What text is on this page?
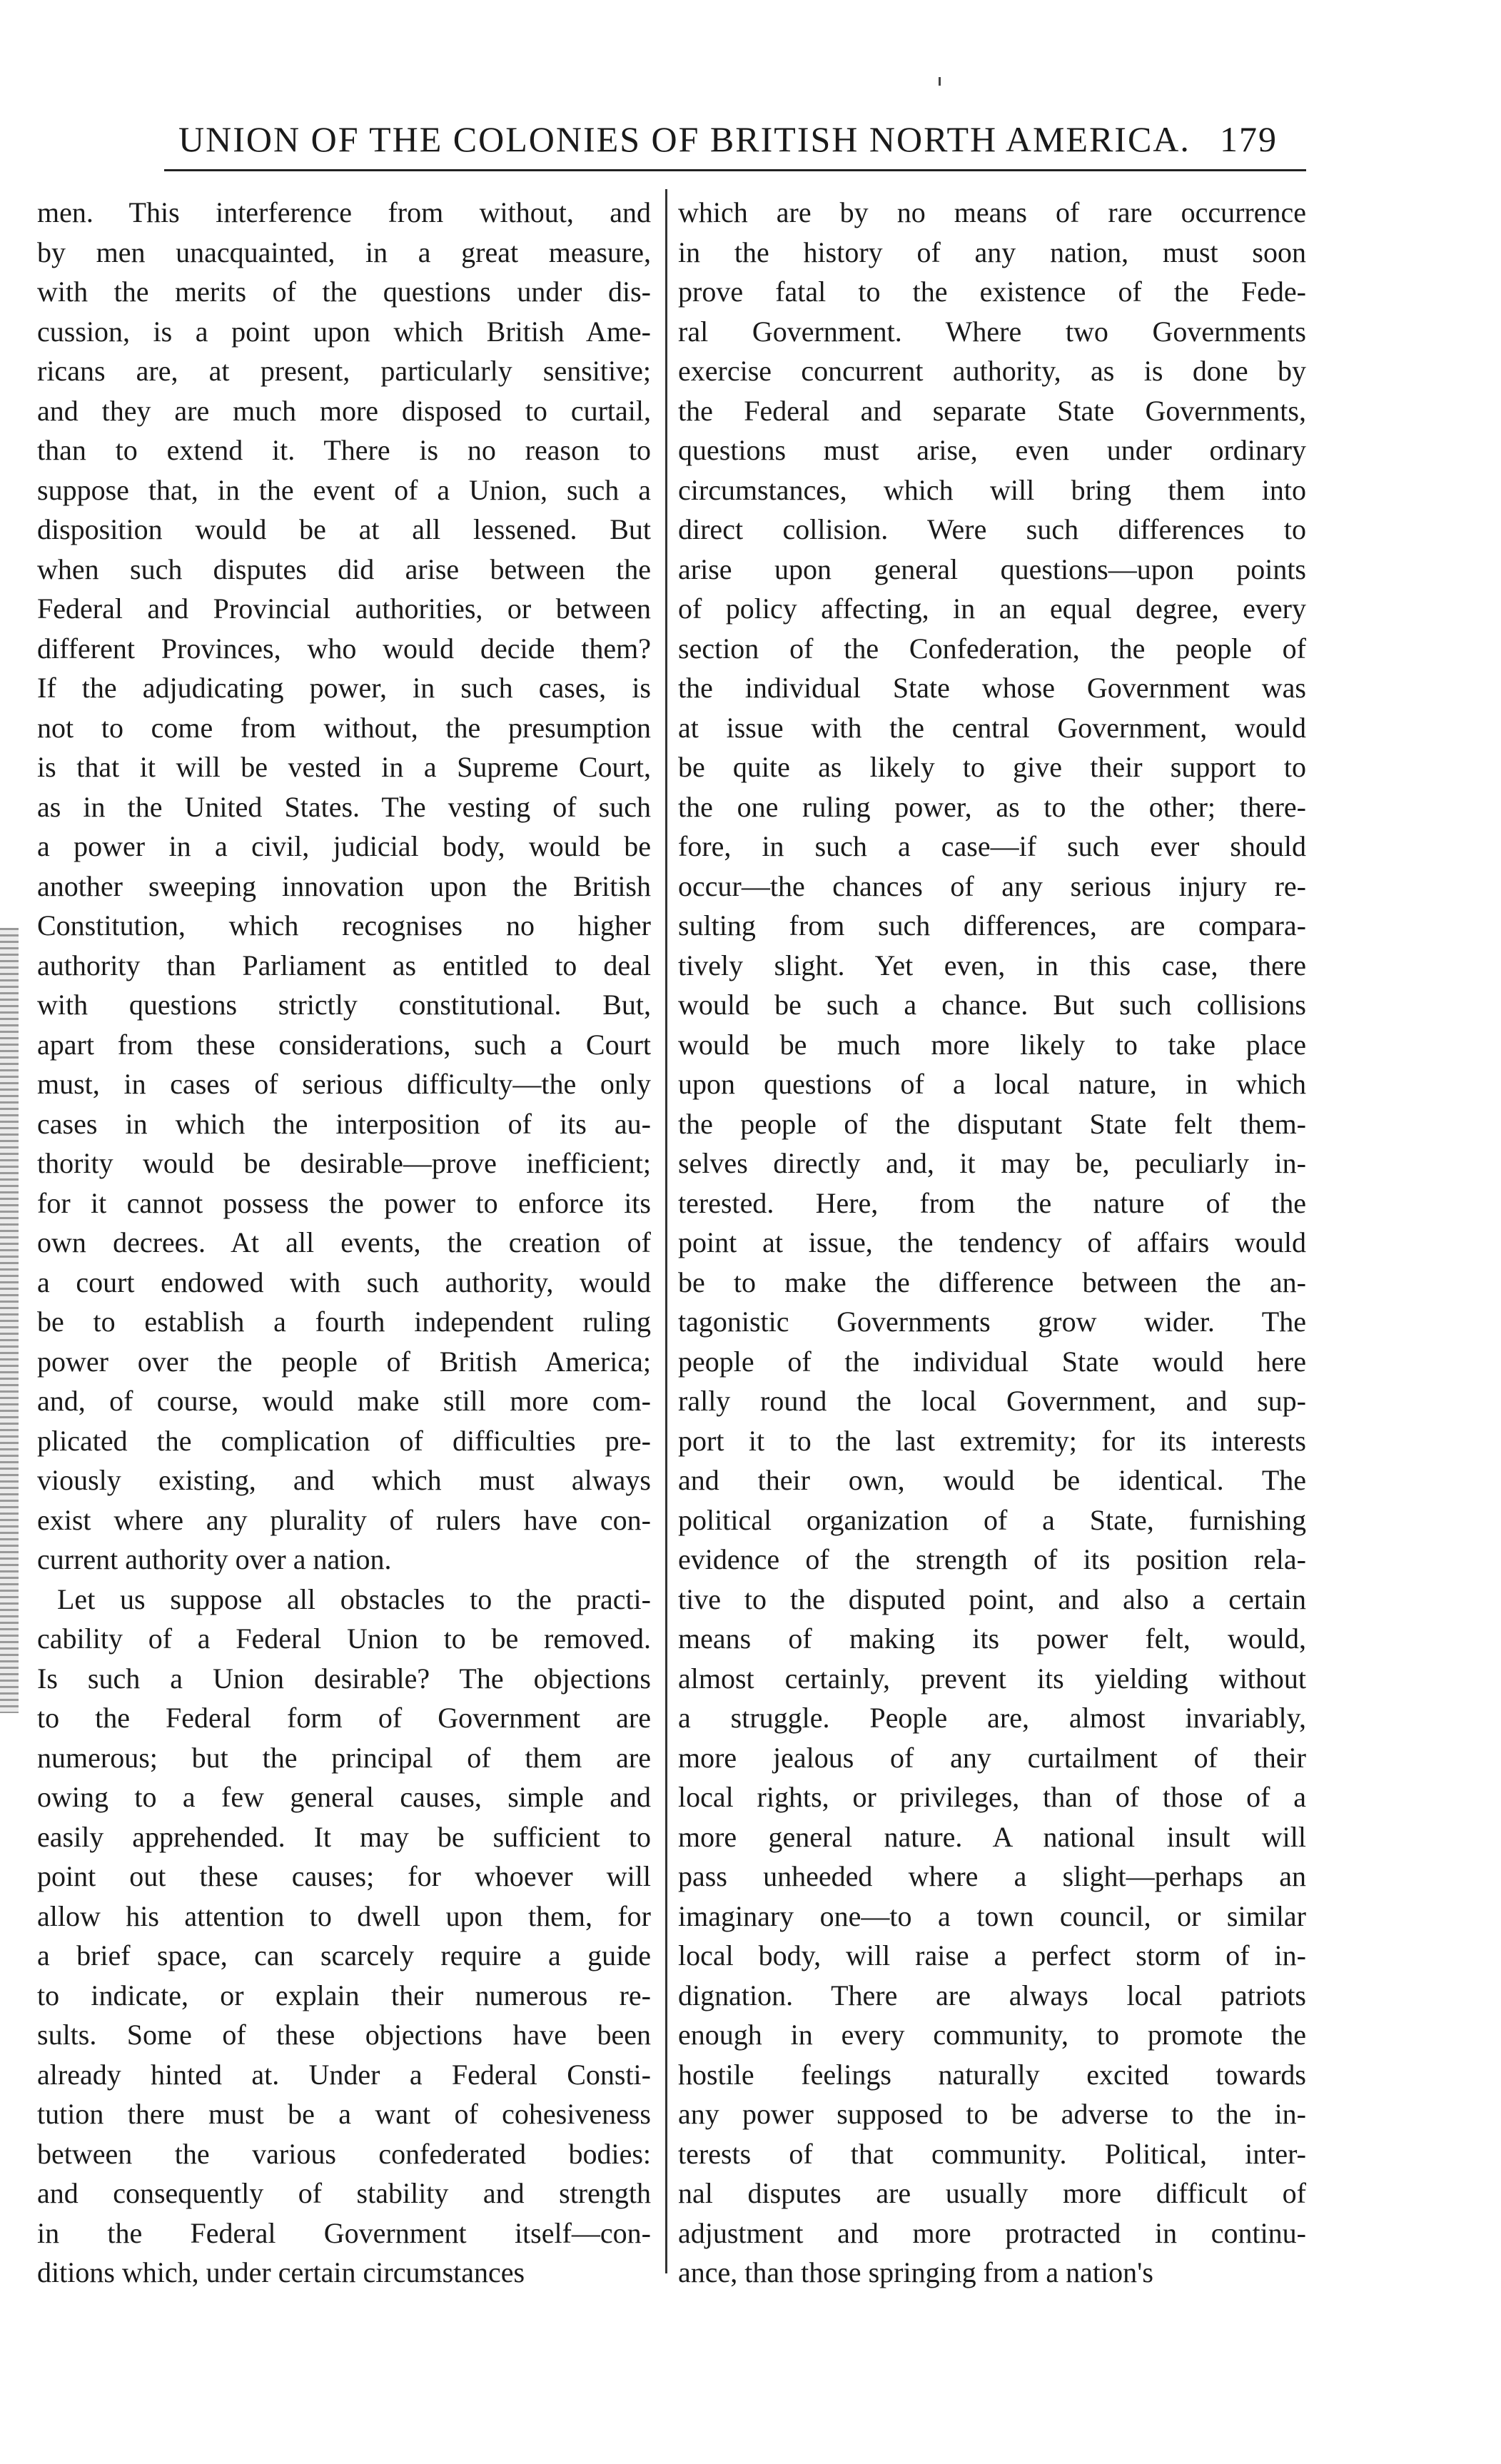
UNION OF THE COLONIES OF BRITISH NORTH AMERICA. 179
men. This interference from without, and
by men unacquainted, in a great measure,
with the merits of the questions under dis-
cussion, is a point upon which British Ame-
ricans are, at present, particularly sensitive;
and they are much more disposed to curtail,
than to extend it. There is no reason to
suppose that, in the event of a Union, such a
disposition would be at all lessened. But
when such disputes did arise between the
Federal and Provincial authorities, or between
different Provinces, who would decide them?
If the adjudicating power, in such cases, is
not to come from without, the presumption
is that it will be vested in a Supreme Court,
as in the United States. The vesting of such
a power in a civil, judicial body, would be
another sweeping innovation upon the British
Constitution, which recognises no higher
authority than Parliament as entitled to deal
with questions strictly constitutional. But,
apart from these considerations, such a Court
must, in cases of serious difficulty—the only
cases in which the interposition of its au-
thority would be desirable—prove inefficient;
for it cannot possess the power to enforce its
own decrees. At all events, the creation of
a court endowed with such authority, would
be to establish a fourth independent ruling
power over the people of British America;
and, of course, would make still more com-
plicated the complication of difficulties pre-
viously existing, and which must always
exist where any plurality of rulers have con-
current authority over a nation.
Let us suppose all obstacles to the practi-
cability of a Federal Union to be removed.
Is such a Union desirable? The objections
to the Federal form of Government are
numerous; but the principal of them are
owing to a few general causes, simple and
easily apprehended. It may be sufficient to
point out these causes; for whoever will
allow his attention to dwell upon them, for
a brief space, can scarcely require a guide
to indicate, or explain their numerous re-
sults. Some of these objections have been
already hinted at. Under a Federal Consti-
tution there must be a want of cohesiveness
between the various confederated bodies:
and consequently of stability and strength
in the Federal Government itself—con-
ditions which, under certain circumstances
which are by no means of rare occurrence
in the history of any nation, must soon
prove fatal to the existence of the Fede-
ral Government. Where two Governments
exercise concurrent authority, as is done by
the Federal and separate State Governments,
questions must arise, even under ordinary
circumstances, which will bring them into
direct collision. Were such differences to
arise upon general questions—upon points
of policy affecting, in an equal degree, every
section of the Confederation, the people of
the individual State whose Government was
at issue with the central Government, would
be quite as likely to give their support to
the one ruling power, as to the other; there-
fore, in such a case—if such ever should
occur—the chances of any serious injury re-
sulting from such differences, are compara-
tively slight. Yet even, in this case, there
would be such a chance. But such collisions
would be much more likely to take place
upon questions of a local nature, in which
the people of the disputant State felt them-
selves directly and, it may be, peculiarly in-
terested. Here, from the nature of the
point at issue, the tendency of affairs would
be to make the difference between the an-
tagonistic Governments grow wider. The
people of the individual State would here
rally round the local Government, and sup-
port it to the last extremity; for its interests
and their own, would be identical. The
political organization of a State, furnishing
evidence of the strength of its position rela-
tive to the disputed point, and also a certain
means of making its power felt, would,
almost certainly, prevent its yielding without
a struggle. People are, almost invariably,
more jealous of any curtailment of their
local rights, or privileges, than of those of a
more general nature. A national insult will
pass unheeded where a slight—perhaps an
imaginary one—to a town council, or similar
local body, will raise a perfect storm of in-
dignation. There are always local patriots
enough in every community, to promote the
hostile feelings naturally excited towards
any power supposed to be adverse to the in-
terests of that community. Political, inter-
nal disputes are usually more difficult of
adjustment and more protracted in continu-
ance, than those springing from a nation's
